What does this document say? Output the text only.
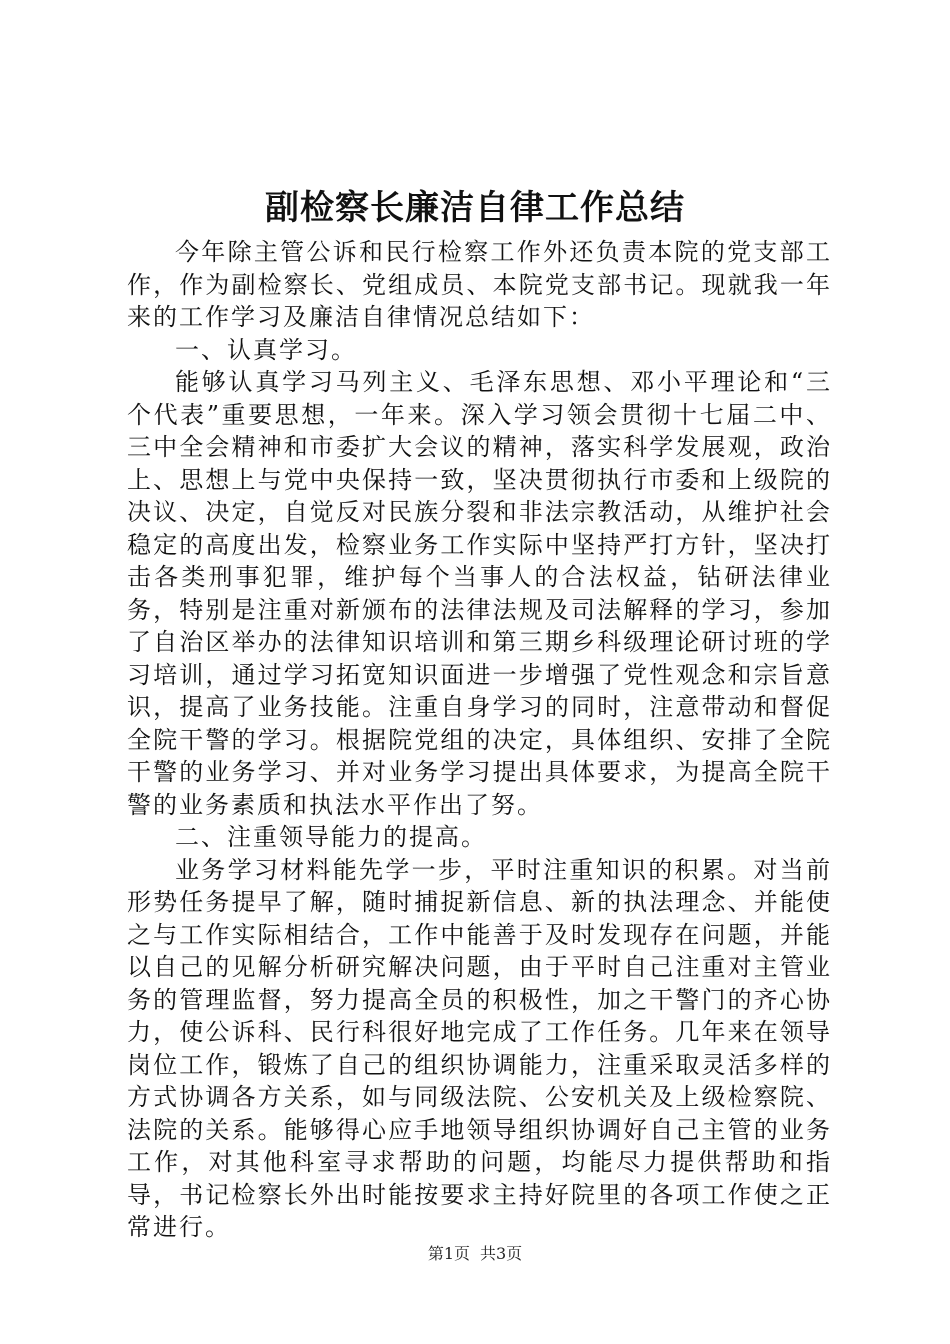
副检察长廉洁自律工作总结

今年除主管公诉和民行检察工作外还负责本院的党支部工作，作为副检察长、党组成员、本院党支部书记。现就我一年来的工作学习及廉洁自律情况总结如下：

一、认真学习。

能够认真学习马列主义、毛泽东思想、邓小平理论和“三个代表”重要思想，一年来。深入学习领会贯彻十七届二中、三中全会精神和市委扩大会议的精神，落实科学发展观，政治上、思想上与党中央保持一致，坚决贯彻执行市委和上级院的决议、决定，自觉反对民族分裂和非法宗教活动，从维护社会稳定的高度出发，检察业务工作实际中坚持严打方针，坚决打击各类刑事犯罪，维护每个当事人的合法权益，钻研法律业务，特别是注重对新颁布的法律法规及司法解释的学习，参加了自治区举办的法律知识培训和第三期乡科级理论研讨班的学习培训，通过学习拓宽知识面进一步增强了党性观念和宗旨意识，提高了业务技能。注重自身学习的同时，注意带动和督促全院干警的学习。根据院党组的决定，具体组织、安排了全院干警的业务学习、并对业务学习提出具体要求，为提高全院干警的业务素质和执法水平作出了努。

二、注重领导能力的提高。

业务学习材料能先学一步，平时注重知识的积累。对当前形势任务提早了解，随时捕捉新信息、新的执法理念、并能使之与工作实际相结合，工作中能善于及时发现存在问题，并能以自己的见解分析研究解决问题，由于平时自己注重对主管业务的管理监督，努力提高全员的积极性，加之干警门的齐心协力，使公诉科、民行科很好地完成了工作任务。几年来在领导岗位工作，锻炼了自己的组织协调能力，注重采取灵活多样的方式协调各方关系，如与同级法院、公安机关及上级检察院、法院的关系。能够得心应手地领导组织协调好自己主管的业务工作，对其他科室寻求帮助的问题，均能尽力提供帮助和指导，书记检察长外出时能按要求主持好院里的各项工作使之正常进行。

第1页 共3页
